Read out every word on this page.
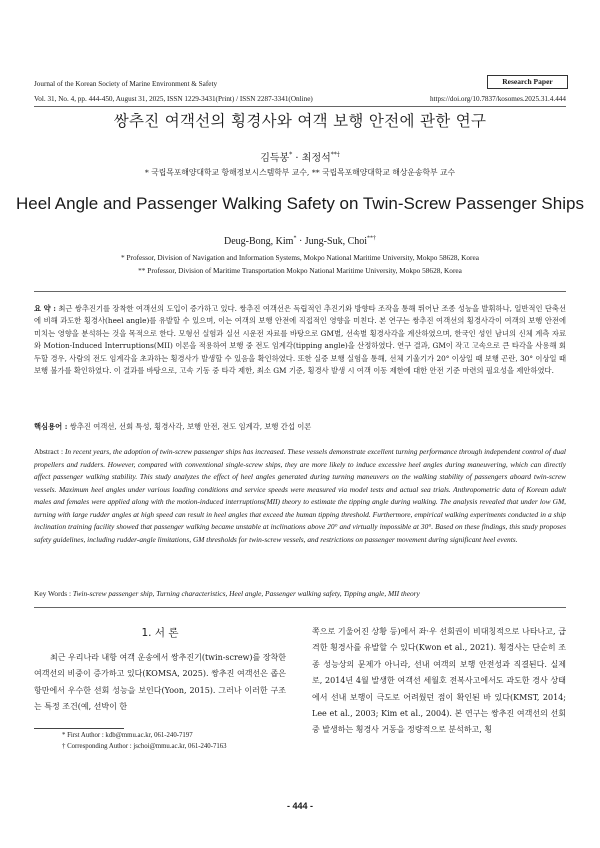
Journal of the Korean Society of Marine Environment & Safety	Research Paper
Vol. 31, No. 4, pp. 444-450, August 31, 2025, ISSN 1229-3431(Print) / ISSN 2287-3341(Online)	https://doi.org/10.7837/kosomes.2025.31.4.444
쌍추진 여객선의 횡경사와 여객 보행 안전에 관한 연구
김득봉* · 최정석**†
* 국립목포해양대학교 항해정보시스템학부 교수, ** 국립목포해양대학교 해상운송학부 교수
Heel Angle and Passenger Walking Safety on Twin-Screw Passenger Ships
Deug-Bong, Kim* · Jung-Suk, Choi**†
* Professor, Division of Navigation and Information Systems, Mokpo National Maritime University, Mokpo 58628, Korea
** Professor, Division of Maritime Transportation Mokpo National Maritime University, Mokpo 58628, Korea
요 약 : 최근 쌍추진기를 장착한 여객선의 도입이 증가하고 있다. 쌍추진 여객선은 독립적인 추진기와 방향타 조작을 통해 뛰어난 조종 성능을 발휘하나, 일반적인 단축선에 비해 과도한 횡경사(heel angle)를 유발할 수 있으며, 이는 여객의 보행 안전에 직접적인 영향을 미친다. 본 연구는 쌍추진 여객선의 횡경사각이 여객의 보행 안전에 미치는 영향을 분석하는 것을 목적으로 한다. 모형선 실험과 실선 시운전 자료를 바탕으로 GM별, 선속별 횡경사각을 계산하였으며, 한국인 성인 남녀의 신체 계측 자료와 Motion-Induced Interruptions(MII) 이론을 적용하여 보행 중 전도 임계각(tipping angle)을 산정하였다. 연구 결과, GM이 작고 고속으로 큰 타각을 사용해 회두할 경우, 사람의 전도 임계각을 초과하는 횡경사가 발생할 수 있음을 확인하였다. 또한 실증 보행 실험을 통해, 선체 기울기가 20° 이상일 때 보행 곤란, 30° 이상일 때 보행 불가를 확인하였다. 이 결과를 바탕으로, 고속 기동 중 타각 제한, 최소 GM 기준, 횡경사 발생 시 여객 이동 제한에 대한 안전 기준 마련의 필요성을 제안하였다.
핵심용어 : 쌍추진 여객선, 선회 특성, 횡경사각, 보행 안전, 전도 임계각, 보행 간섭 이론
Abstract : In recent years, the adoption of twin-screw passenger ships has increased. These vessels demonstrate excellent turning performance through independent control of dual propellers and rudders. However, compared with conventional single-screw ships, they are more likely to induce excessive heel angles during maneuvering, which can directly affect passenger walking stability. This study analyzes the effect of heel angles generated during turning maneuvers on the walking stability of passengers aboard twin-screw vessels. Maximum heel angles under various loading conditions and service speeds were measured via model tests and actual sea trials. Anthropometric data of Korean adult males and females were applied along with the motion-induced interruptions(MII) theory to estimate the tipping angle during walking. The analysis revealed that under low GM, turning with large rudder angles at high speed can result in heel angles that exceed the human tipping threshold. Furthermore, empirical walking experiments conducted in a ship inclination training facility showed that passenger walking became unstable at inclinations above 20° and virtually impossible at 30°. Based on these findings, this study proposes safety guidelines, including rudder-angle limitations, GM thresholds for twin-screw vessels, and restrictions on passenger movement during significant heel events.
Key Words : Twin-screw passenger ship, Turning characteristics, Heel angle, Passenger walking safety, Tipping angle, MII theory
1. 서 론
최근 우리나라 내항 여객 운송에서 쌍추진기(twin-screw)를 장착한 여객선의 비중이 증가하고 있다(KOMSA, 2025). 쌍추진 여객선은 좁은 항만에서 우수한 선회 성능을 보인다(Yoon, 2015). 그러나 이러한 구조는 특정 조건(예, 선박이 한
쪽으로 기울어진 상황 등)에서 좌·우 선회권이 비대칭적으로 나타나고, 급격한 횡경사를 유발할 수 있다(Kwon et al., 2021). 횡경사는 단순히 조종 성능상의 문제가 아니라, 선내 여객의 보행 안전성과 직결된다. 실제로, 2014년 4월 발생한 여객선 세월호 전복사고에서도 과도한 경사 상태에서 선내 보행이 극도로 어려웠던 점이 확인된 바 있다(KMST, 2014; Lee et al., 2003; Kim et al., 2004). 본 연구는 쌍추진 여객선의 선회 중 발생하는 횡경사 거동을 정량적으로 분석하고, 횡
* First Author : kdb@mmu.ac.kr, 061-240-7197
† Corresponding Author : jschoi@mmu.ac.kr, 061-240-7163
- 444 -
